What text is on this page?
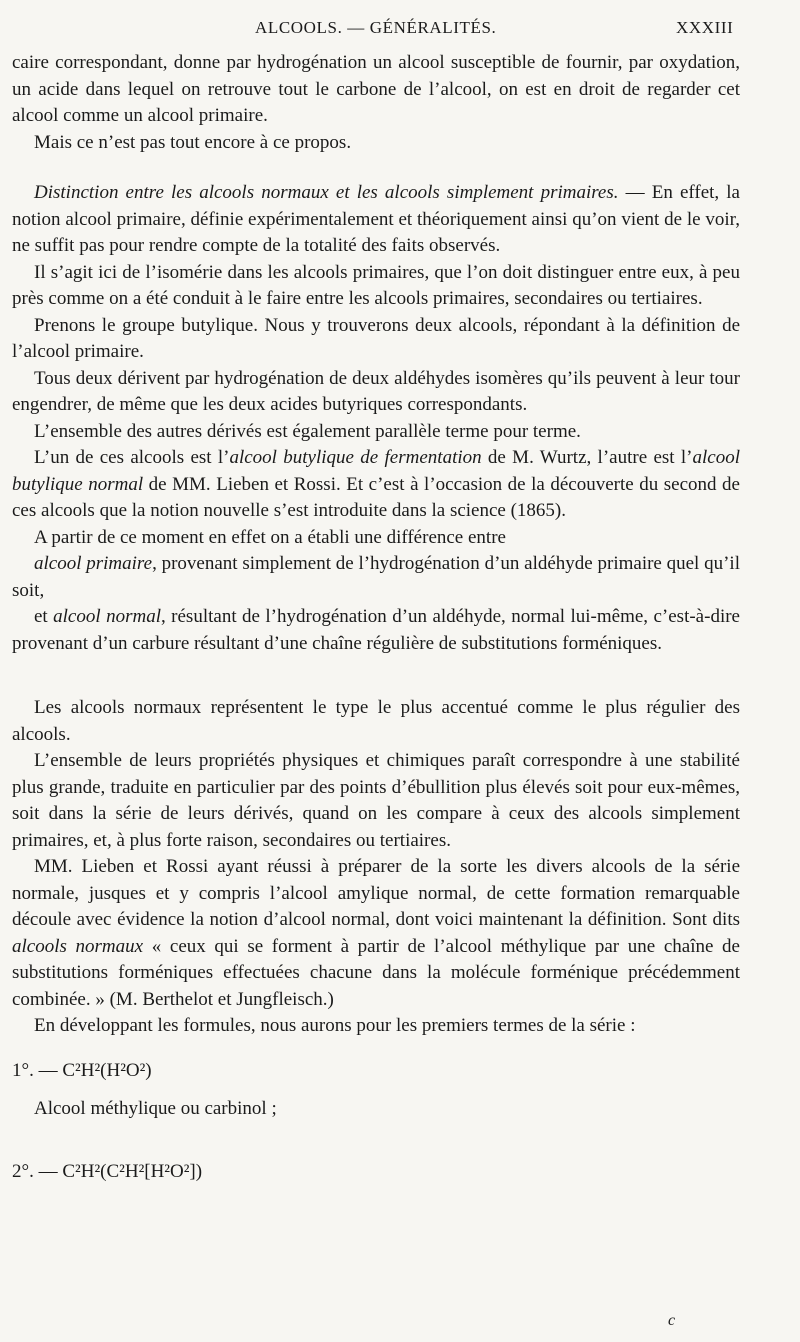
ALCOOLS. — GÉNÉRALITÉS.	XXXIII

caire correspondant, donne par hydrogénation un alcool susceptible de fournir, par oxydation, un acide dans lequel on retrouve tout le carbone de l’alcool, on est en droit de regarder cet alcool comme un alcool primaire.

Mais ce n’est pas tout encore à ce propos.

Distinction entre les alcools normaux et les alcools simplement primaires. — En effet, la notion alcool primaire, définie expérimentalement et théoriquement ainsi qu’on vient de le voir, ne suffit pas pour rendre compte de la totalité des faits observés.

Il s’agit ici de l’isomérie dans les alcools primaires, que l’on doit distinguer entre eux, à peu près comme on a été conduit à le faire entre les alcools primaires, secondaires ou tertiaires.

Prenons le groupe butylique. Nous y trouverons deux alcools, répondant à la définition de l’alcool primaire.

Tous deux dérivent par hydrogénation de deux aldéhydes isomères qu’ils peuvent à leur tour engendrer, de même que les deux acides butyriques correspondants.

L’ensemble des autres dérivés est également parallèle terme pour terme.

L’un de ces alcools est l’alcool butylique de fermentation de M. Wurtz, l’autre est l’alcool butylique normal de MM. Lieben et Rossi. Et c’est à l’occasion de la découverte du second de ces alcools que la notion nouvelle s’est introduite dans la science (1865).

A partir de ce moment en effet on a établi une différence entre

alcool primaire, provenant simplement de l’hydrogénation d’un aldéhyde primaire quel qu’il soit,

et alcool normal, résultant de l’hydrogénation d’un aldéhyde, normal lui-même, c’est-à-dire provenant d’un carbure résultant d’une chaîne régulière de substitutions forméniques.

Les alcools normaux représentent le type le plus accentué comme le plus régulier des alcools.

L’ensemble de leurs propriétés physiques et chimiques paraît correspondre à une stabilité plus grande, traduite en particulier par des points d’ébullition plus élevés soit pour eux-mêmes, soit dans la série de leurs dérivés, quand on les compare à ceux des alcools simplement primaires, et, à plus forte raison, secondaires ou tertiaires.

MM. Lieben et Rossi ayant réussi à préparer de la sorte les divers alcools de la série normale, jusques et y compris l’alcool amylique normal, de cette formation remarquable découle avec évidence la notion d’alcool normal, dont voici maintenant la définition. Sont dits alcools normaux « ceux qui se forment à partir de l’alcool méthylique par une chaîne de substitutions forméniques effectuées chacune dans la molécule forménique précédemment combinée. » (M. Berthelot et Jungfleisch.)

En développant les formules, nous aurons pour les premiers termes de la série :

1°. — C²H²(H²O²)

Alcool méthylique ou carbinol ;

2°. — C²H²(C²H²[H²O²])

c
